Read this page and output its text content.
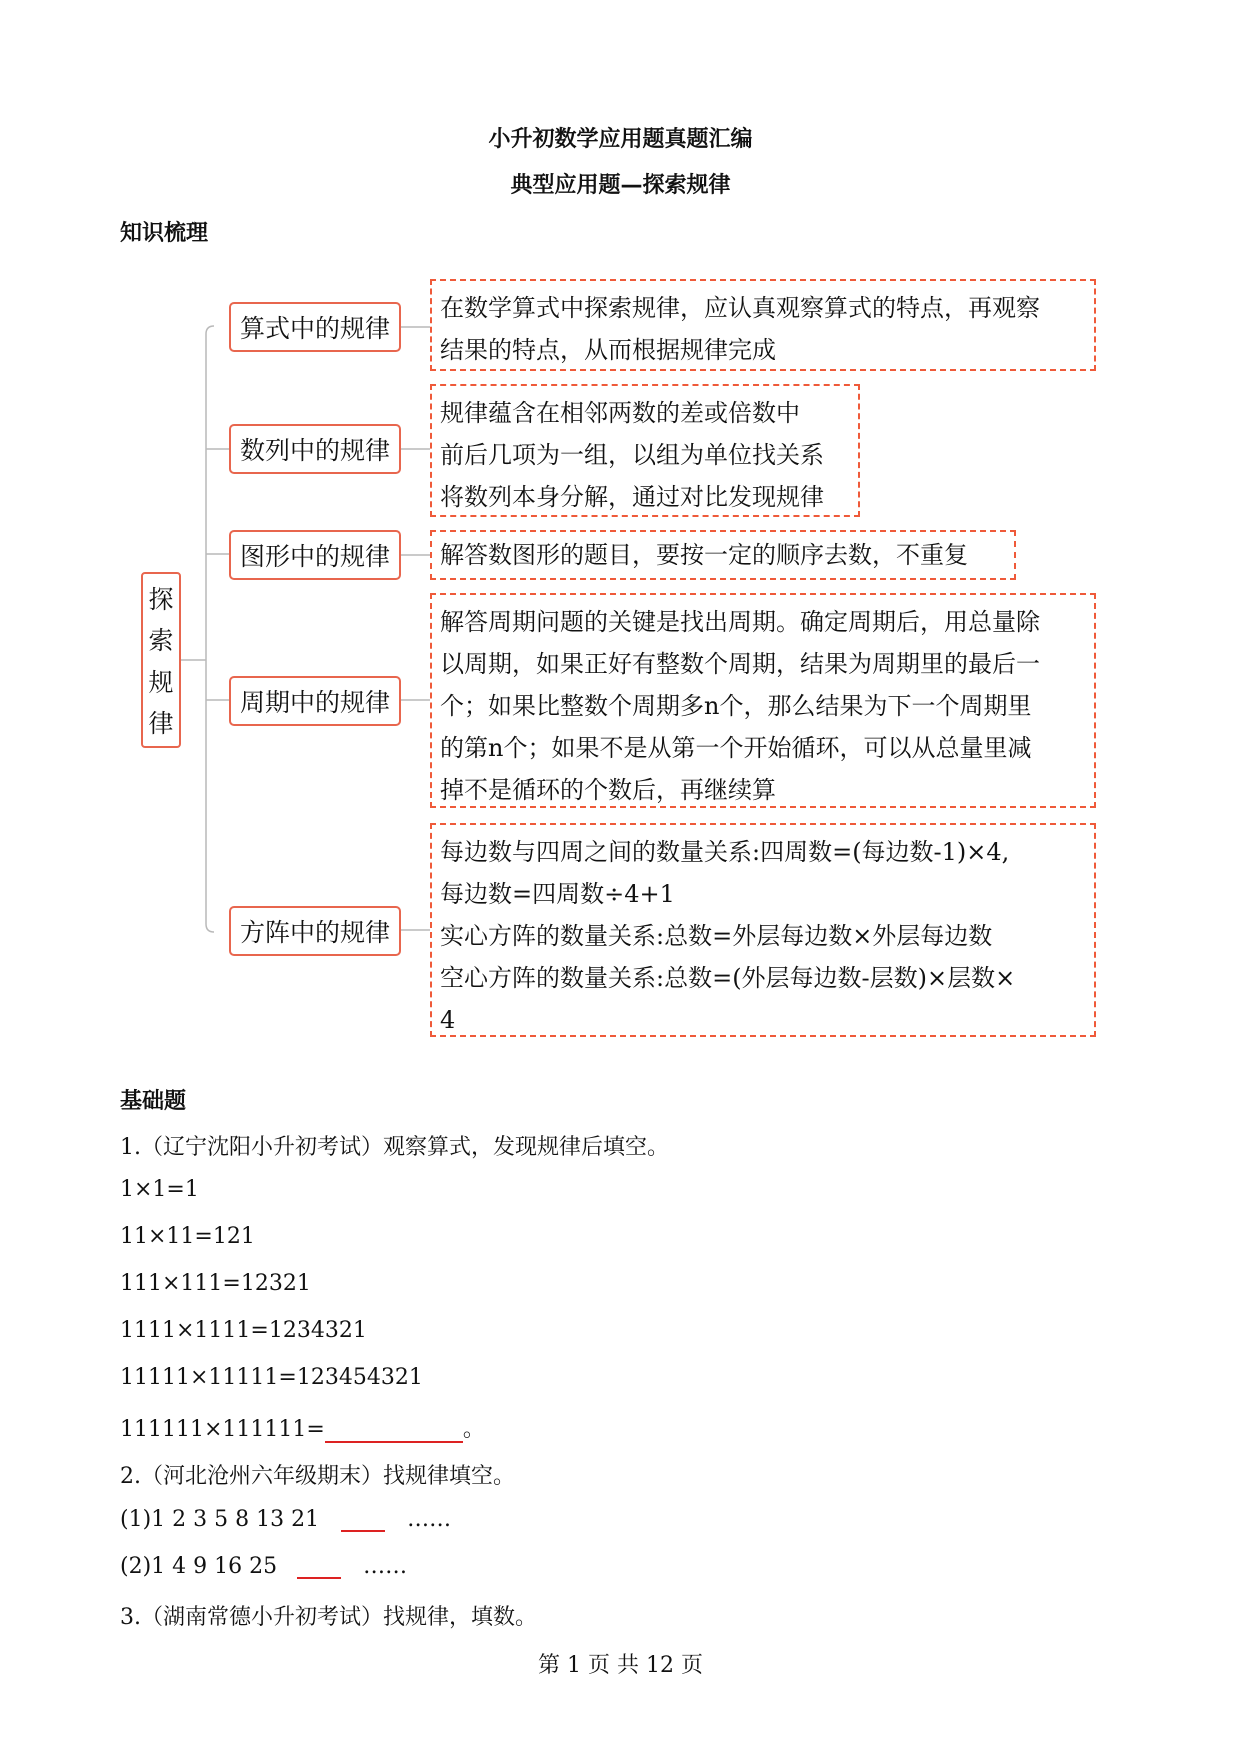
小升初数学应用题真题汇编
典型应用题—探索规律
知识梳理
探
索
规
律
算式中的规律
数列中的规律
图形中的规律
周期中的规律
方阵中的规律
在数学算式中探索规律，应认真观察算式的特点，再观察
结果的特点，从而根据规律完成
规律蕴含在相邻两数的差或倍数中
前后几项为一组，以组为单位找关系
将数列本身分解，通过对比发现规律
解答数图形的题目，要按一定的顺序去数，不重复
解答周期问题的关键是找出周期。确定周期后，用总量除
以周期，如果正好有整数个周期，结果为周期里的最后一
个；如果比整数个周期多n个，那么结果为下一个周期里
的第n个；如果不是从第一个开始循环，可以从总量里减
掉不是循环的个数后，再继续算
每边数与四周之间的数量关系:四周数=(每边数-1)×4,
每边数=四周数÷4+1
实心方阵的数量关系:总数=外层每边数×外层每边数
空心方阵的数量关系:总数=(外层每边数-层数)×层数×
4
基础题
1.（辽宁沈阳小升初考试）观察算式，发现规律后填空。
1×1=1
11×11=121
111×111=12321
1111×1111=1234321
11111×11111=123454321
111111×111111=	。
2.（河北沧州六年级期末）找规律填空。
(1)1 2 3 5 8 13 21	……
(2)1 4 9 16 25	……
3.（湖南常德小升初考试）找规律，填数。
第 1 页 共 12 页
